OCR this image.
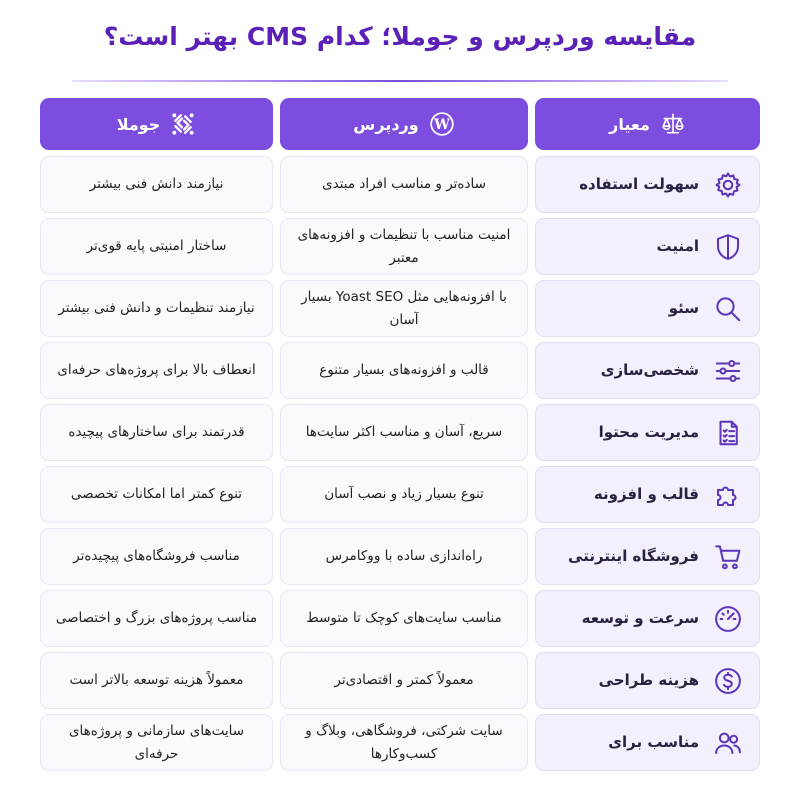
مقایسه وردپرس و جوملا؛ کدام CMS بهتر است؟
معیار
W
وردپرس
جوملا
سهولت استفاده
ساده‌تر و مناسب افراد مبتدی
نیازمند دانش فنی بیشتر
امنیت
امنیت مناسب با تنظیمات و افزونه‌های معتبر
ساختار امنیتی پایه قوی‌تر
سئو
با افزونه‌هایی مثل Yoast SEO بسیار آسان
نیازمند تنظیمات و دانش فنی بیشتر
شخصی‌سازی
قالب و افزونه‌های بسیار متنوع
انعطاف بالا برای پروژه‌های حرفه‌ای
مدیریت محتوا
سریع، آسان و مناسب اکثر سایت‌ها
قدرتمند برای ساختارهای پیچیده
قالب و افزونه
تنوع بسیار زیاد و نصب آسان
تنوع کمتر اما امکانات تخصصی
فروشگاه اینترنتی
راه‌اندازی ساده با ووکامرس
مناسب فروشگاه‌های پیچیده‌تر
سرعت و توسعه
مناسب سایت‌های کوچک تا متوسط
مناسب پروژه‌های بزرگ و اختصاصی
هزینه طراحی
معمولاً کمتر و اقتصادی‌تر
معمولاً هزینه توسعه بالاتر است
مناسب برای
سایت شرکتی، فروشگاهی، وبلاگ و کسب‌وکارها
سایت‌های سازمانی و پروژه‌های حرفه‌ای
